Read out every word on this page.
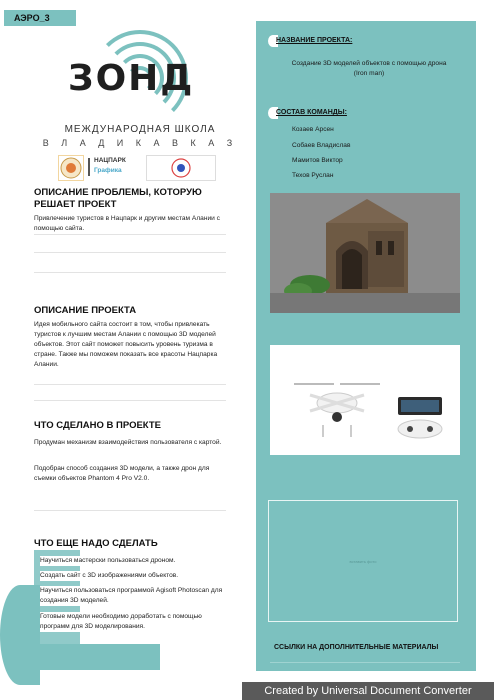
АЭРО_3
ЗОНД
МЕЖДУНАРОДНАЯ ШКОЛА
В Л А Д И К А В К А З
НАЦПАРК
Графика
ОПИСАНИЕ ПРОБЛЕМЫ, КОТОРУЮ РЕШАЕТ ПРОЕКТ
Привлечение туристов в Нацпарк и другим местам Алании с помощью сайта.
ОПИСАНИЕ ПРОЕКТА
Идея мобильного сайта состоит в том, чтобы привлекать туристов к лучшим местам Алании с помощью 3D моделей объектов. Этот сайт поможет повысить уровень туризма в стране. Также мы поможем показать все красоты Нацпарка Алании.
ЧТО СДЕЛАНО В ПРОЕКТЕ
Продуман механизм взаимодействия пользователя с картой.
Подобран способ создания 3D модели, а также дрон для съемки объектов Phantom 4 Pro V2.0.
ЧТО ЕЩЕ НАДО СДЕЛАТЬ
Научиться мастерски пользоваться дроном.
Создать сайт с 3D изображениями объектов.
Научиться пользоваться программой Agisoft Photoscan для создания 3D моделей.
Готовые модели необходимо доработать с помощью программ для 3D моделирования.
НАЗВАНИЕ ПРОЕКТА:
Создание 3D моделей объектов с помощью дрона (Iron man)
СОСТАВ КОМАНДЫ:
Козаев Арсен
Собаев Владислав
Мамитов Виктор
Техов Руслан
вставить фото
ССЫЛКИ НА ДОПОЛНИТЕЛЬНЫЕ МАТЕРИАЛЫ
Created by Universal Document Converter
